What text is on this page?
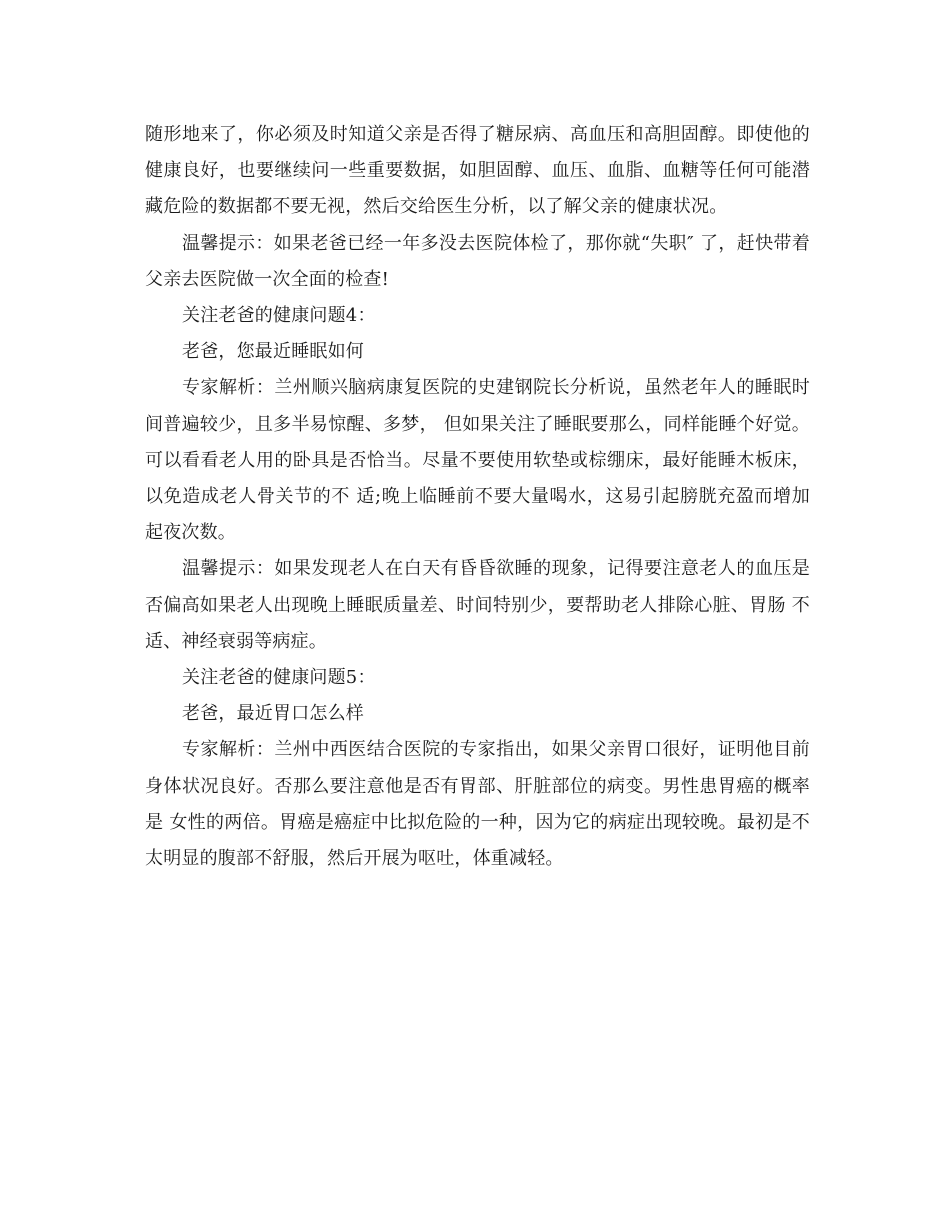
随形地来了，你必须及时知道父亲是否得了糖尿病、高血压和高胆固醇。即使他的 健康良好，也要继续问一些重要数据，如胆固醇、血压、血脂、血糖等任何可能潜藏危险的数据都不要无视，然后交给医生分析，以了解父亲的健康状况。

温馨提示：如果老爸已经一年多没去医院体检了，那你就“失职″ 了，赶快带着父亲去医院做一次全面的检查!

关注老爸的健康问题4：

老爸，您最近睡眠如何

专家解析：兰州顺兴脑病康复医院的史建钢院长分析说，虽然老年人的睡眠时间普遍较少，且多半易惊醒、多梦， 但如果关注了睡眠要那么，同样能睡个好觉。可以看看老人用的卧具是否恰当。尽量不要使用软垫或棕绷床，最好能睡木板床，以免造成老人骨关节的不 适;晚上临睡前不要大量喝水，这易引起膀胱充盈而增加起夜次数。

温馨提示：如果发现老人在白天有昏昏欲睡的现象，记得要注意老人的血压是否偏高如果老人出现晚上睡眠质量差、时间特别少，要帮助老人排除心脏、胃肠 不适、神经衰弱等病症。

关注老爸的健康问题5：

老爸，最近胃口怎么样

专家解析：兰州中西医结合医院的专家指出，如果父亲胃口很好，证明他目前身体状况良好。否那么要注意他是否有胃部、肝脏部位的病变。男性患胃癌的概率是 女性的两倍。胃癌是癌症中比拟危险的一种，因为它的病症出现较晚。最初是不太明显的腹部不舒服，然后开展为呕吐，体重减轻。
